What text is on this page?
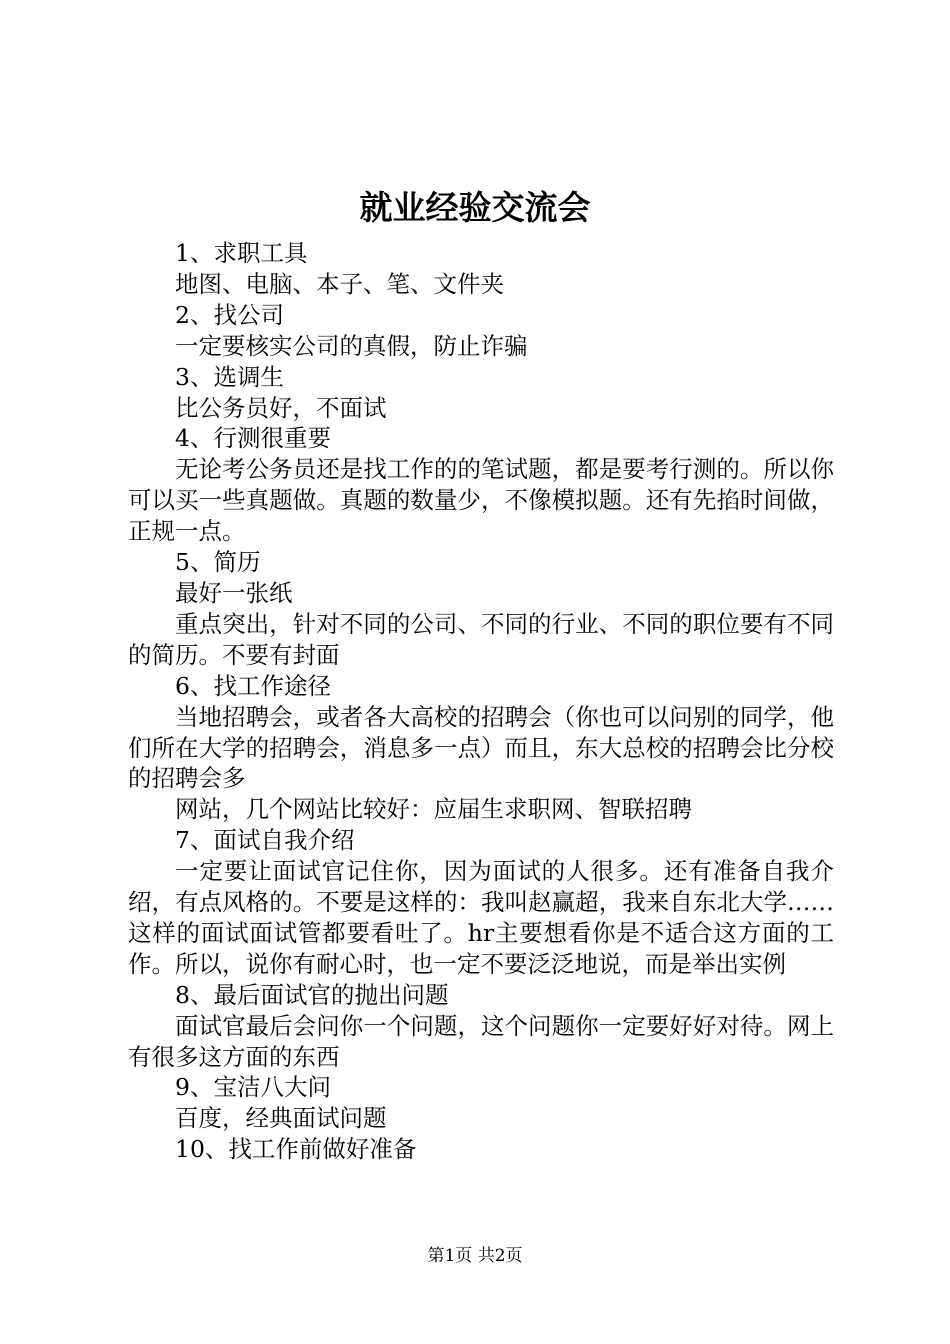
就业经验交流会

1、求职工具

地图、电脑、本子、笔、文件夹

2、找公司

一定要核实公司的真假，防止诈骗

3、选调生

比公务员好，不面试

4、行测很重要

无论考公务员还是找工作的的笔试题，都是要考行测的。所以你可以买一些真题做。真题的数量少，不像模拟题。还有先掐时间做，正规一点。

5、简历

最好一张纸

重点突出，针对不同的公司、不同的行业、不同的职位要有不同的简历。不要有封面

6、找工作途径

当地招聘会，或者各大高校的招聘会（你也可以问别的同学，他们所在大学的招聘会，消息多一点）而且，东大总校的招聘会比分校的招聘会多

网站，几个网站比较好：应届生求职网、智联招聘

7、面试自我介绍

一定要让面试官记住你，因为面试的人很多。还有准备自我介绍，有点风格的。不要是这样的：我叫赵赢超，我来自东北大学……这样的面试面试管都要看吐了。hr主要想看你是不适合这方面的工作。所以，说你有耐心时，也一定不要泛泛地说，而是举出实例

8、最后面试官的抛出问题

面试官最后会问你一个问题，这个问题你一定要好好对待。网上有很多这方面的东西

9、宝洁八大问

百度，经典面试问题

10、找工作前做好准备

第1页 共2页
